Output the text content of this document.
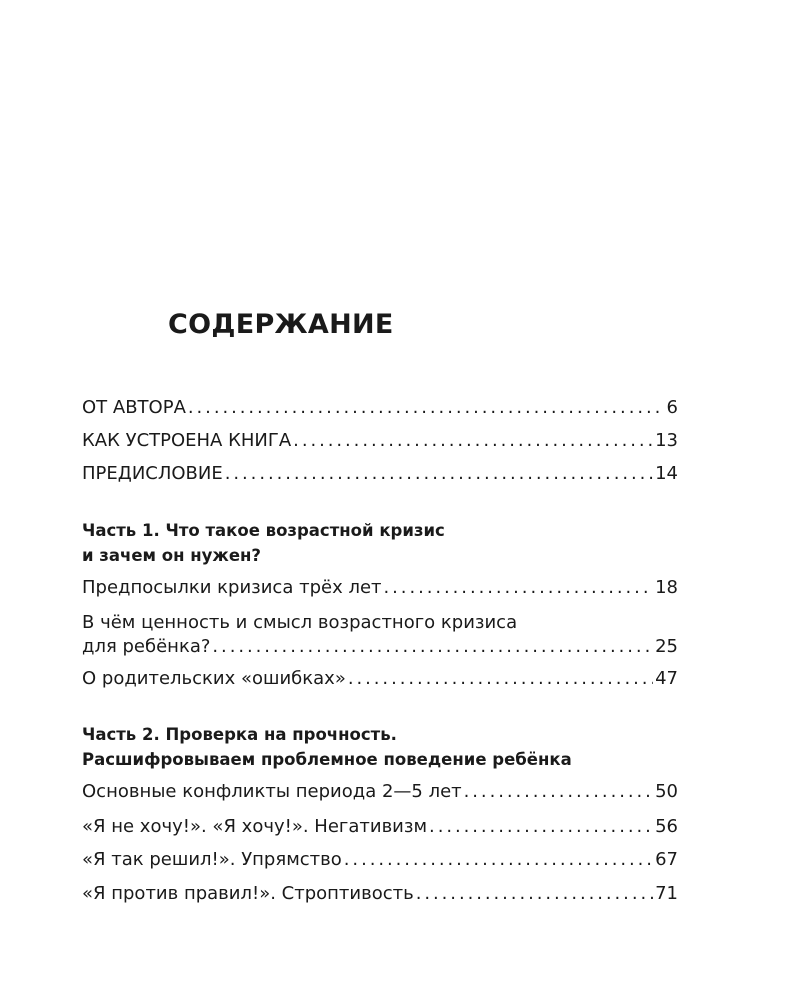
СОДЕРЖАНИЕ
ОТ АВТОРА . . .	6
КАК УСТРОЕНА КНИГА . . .	13
ПРЕДИСЛОВИЕ . . .	14
Часть 1. Что такое возрастной кризис
и зачем он нужен?
Предпосылки кризиса трёх лет . . .	18
В чём ценность и смысл возрастного кризиса
для ребёнка? . . .	25
О родительских «ошибках» . . .	47
Часть 2. Проверка на прочность.
Расшифровываем проблемное поведение ребёнка
Основные конфликты периода 2—5 лет . . .	50
«Я не хочу!». «Я хочу!». Негативизм . . .	56
«Я так решил!». Упрямство . . .	67
«Я против правил!». Строптивость . . .	71
